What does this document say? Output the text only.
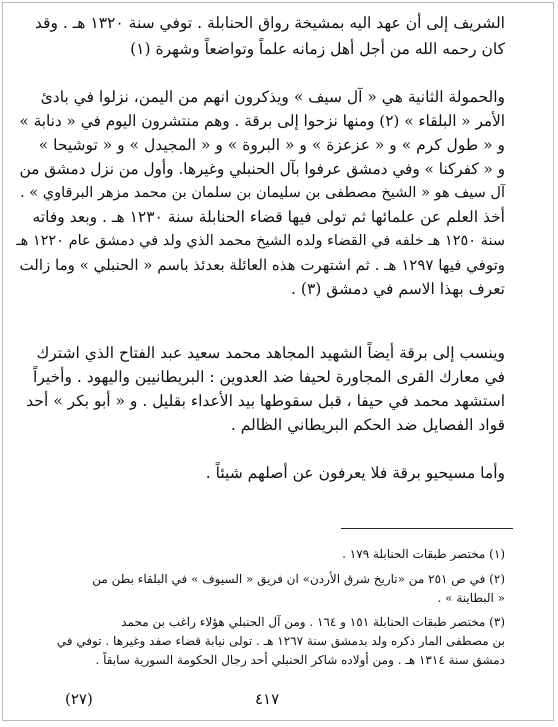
الشريف إلى أن عهد اليه بمشيخة رواق الحنابلة . توفي سنة ١٣٢٠ هـ . وقد
كان رحمه الله من أجل أهل زمانه علماً وتواضعاً وشهرة (١)
والحمولة الثانية هي « آل سيف » ويذكرون انهم من اليمن، نزلوا في بادئ
الأمر « البلقاء » (٢) ومنها نزحوا إلى برقة . وهم منتشرون اليوم في « دنابة »
و « طول كرم » و « عزعزة » و « البروة » و « المجيدل » و « توشيحا »
و « كفركنا » وفي دمشق عرفوا بآل الحنبلي وغيرها. وأول من نزل دمشق من
آل سيف هو « الشيخ مصطفى بن سليمان بن سلمان بن محمد مزهر البرقاوي » .
أخذ العلم عن علمائها ثم تولى فيها قضاء الحنابلة سنة ١٢٣٠ هـ . وبعد وفاته
سنة ١٢٥٠ هـ خلفه في القضاء ولده الشيخ محمد الذي ولد في دمشق عام ١٢٢٠ هـ
وتوفي فيها ١٢٩٧ هـ . ثم اشتهرت هذه العائلة بعدئذ باسم « الحنبلي » وما زالت
تعرف بهذا الاسم في دمشق (٣) .
وينسب إلى برقة أيضاً الشهيد المجاهد محمد سعيد عبد الفتاح الذي اشترك
في معارك القرى المجاورة لحيفا ضد العدوين : البريطانيين واليهود . وأخيراً
استشهد محمد في حيفا ، قبل سقوطها بيد الأعداء بقليل . و « أبو بكر » أحد
قواد الفصايل ضد الحكم البريطاني الظالم .
وأما مسيحيو برقة فلا يعرفون عن أصلهم شيئاً .
(١) مختصر طبقات الحنابلة ١٧٩ .
(٢) في ص ٢٥١ من «تاريخ شرق الأردن» ان فريق « السيوف » في البلقاء بطن من
« البطاينة » .
(٣) مختصر طبقات الحنابلة ١٥١ و ١٦٤ . ومن آل الحنبلي هؤلاء راغب بن محمد
بن مصطفى المار ذكره ولد بدمشق سنة ١٢٦٧ هـ . تولى نيابة قضاء صفد وغيرها . توفي في
دمشق سنة ١٣١٤ هـ . ومن أولاده شاكر الحنبلي أحد رجال الحكومة السورية سابقاً .
(٢٧)	٤١٧
